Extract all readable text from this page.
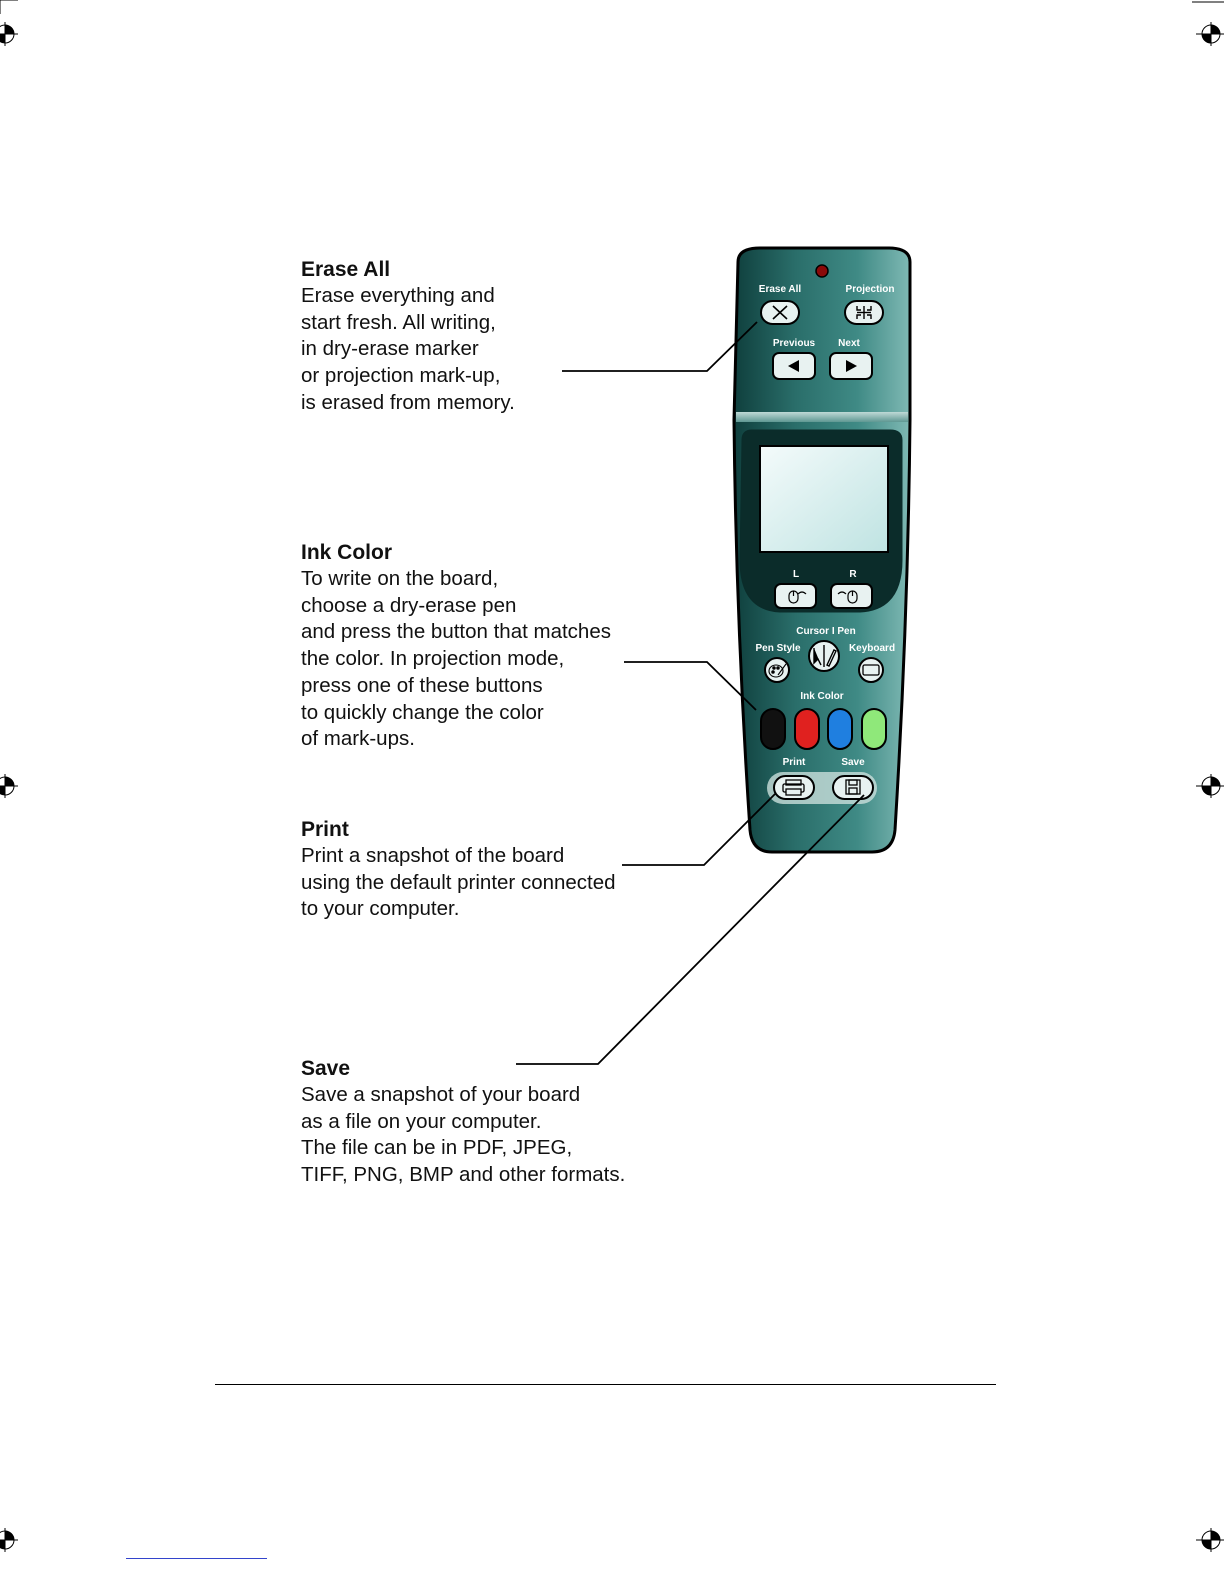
Erase All
Erase everything and
start fresh. All writing,
in dry-erase marker
or projection mark-up,
is erased from memory.
Ink Color
To write on the board,
choose a dry-erase pen
and press the button that matches
the color. In projection mode,
press one of these buttons
to quickly change the color
of mark-ups.
Print
Print a snapshot of the board
using the default printer connected
to your computer.
Save
Save a snapshot of your board
as a file on your computer.
The file can be in PDF, JPEG,
TIFF, PNG, BMP and other formats.
Erase All	Projection
Previous Next
L	R
Cursor I Pen
Pen Style	Keyboard
Ink Color
Print	Save
